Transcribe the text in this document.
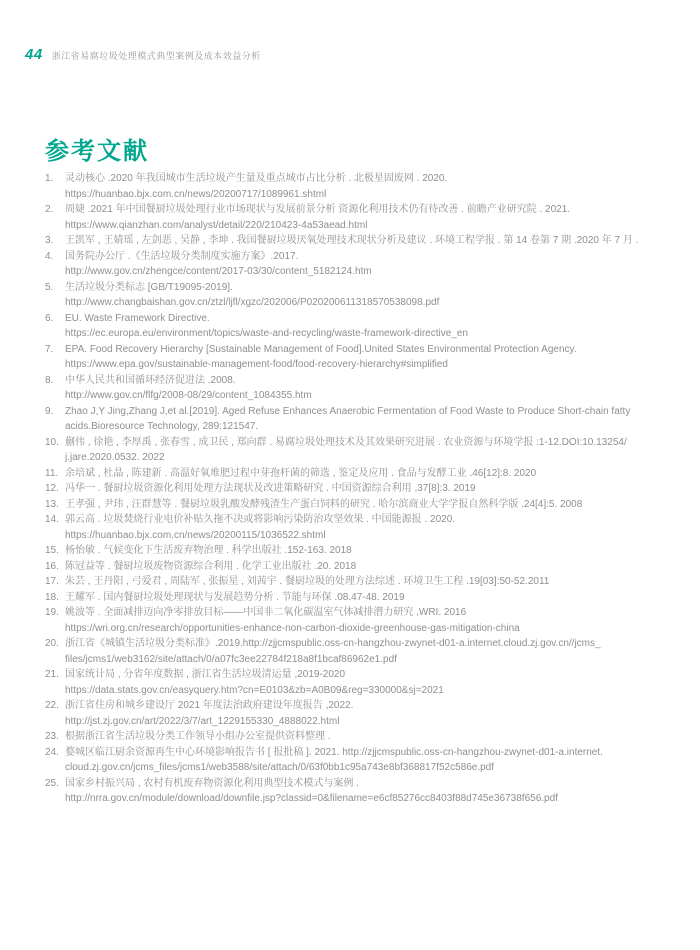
44 浙江省易腐垃圾处理模式典型案例及成本效益分析
参考文献
1.	灵动核心 .2020 年我国城市生活垃圾产生量及重点城市占比分析 . 北极星固废网 . 2020.
https://huanbao.bjx.com.cn/news/20200717/1089961.shtml
2.	周婕 .2021 年中国餐厨垃圾处理行业市场现状与发展前景分析 资源化利用技术仍有待改善 . 前瞻产业研究院 . 2021.
https://www.qianzhan.com/analyst/detail/220/210423-4a53aead.html
3.	王凯军 , 王婧瑶 , 左剑恶 , 吴静 , 李坤 . 我国餐厨垃圾厌氧处理技术现状分析及建议 . 环境工程学报 . 第 14 卷第 7 期 .2020 年 7 月 .
4.	国务院办公厅 .《生活垃圾分类制度实施方案》.2017.
http://www.gov.cn/zhengce/content/2017-03/30/content_5182124.htm
5.	生活垃圾分类标志 [GB/T19095-2019].
http://www.changbaishan.gov.cn/ztzl/ljfl/xgzc/202006/P020200611318570538098.pdf
6.	EU. Waste Framework Directive.
https://ec.europa.eu/environment/topics/waste-and-recycling/waste-framework-directive_en
7.	EPA. Food Recovery Hierarchy [Sustainable Management of Food].United States Environmental Protection Agency.
https://www.epa.gov/sustainable-management-food/food-recovery-hierarchy#simplified
8.	中华人民共和国循环经济促进法 .2008.
http://www.gov.cn/flfg/2008-08/29/content_1084355.htm
9.	Zhao J,Y Jing,Zhang J,et al.[2019]. Aged Refuse Enhances Anaerobic Fermentation of Food Waste to Produce Short-chain fatty
acids.Bioresource Technology, 289:121547.
10. 蒯伟 , 徐艳 , 李厚禹 , 张春雪 , 成卫民 , 郑向群 . 易腐垃圾处理技术及其效果研究进展 . 农业资源与环境学报 :1-12.DOI:10.13254/
j.jare.2020.0532. 2022
11. 余培斌 , 杜晶 , 陈建新 . 高温好氧堆肥过程中芽孢杆菌的筛选 , 鉴定及应用 . 食品与发酵工业 .46[12]:8. 2020
12. 冯华一 . 餐厨垃圾资源化利用处理方法现状及改进策略研究 . 中国资源综合利用 ,37[8]:3. 2019
13. 王孝强 , 尹玮 , 汪群慧等 . 餐厨垃圾乳酸发酵残渣生产蛋白饲料的研究 . 哈尔滨商业大学学报自然科学版 .24[4]:5. 2008
14. 郭云高 . 垃圾焚烧行业电价补贴久拖不决或将影响污染防治攻坚效果 . 中国能源报 . 2020.
https://huanbao.bjx.com.cn/news/20200115/1036522.shtml
15. 杨怡敏 . 气候变化下生活废弃物治理 . 科学出版社 .152-163. 2018
16. 陈冠益等 . 餐厨垃圾废物资源综合利用 . 化学工业出版社 .20. 2018
17. 朱芸 , 王丹阳 , 弓爱君 , 周陆军 , 张振星 , 刘茜宇 . 餐厨垃圾的处理方法综述 . 环境卫生工程 .19[03]:50-52.2011
18. 王耀军 . 国内餐厨垃圾处理现状与发展趋势分析 . 节能与环保 .08.47-48. 2019
19. 姚波等 . 全面减排迈向净零排放目标——中国非二氧化碳温室气体减排潜力研究 ,WRI. 2016
https://wri.org.cn/research/opportunities-enhance-non-carbon-dioxide-greenhouse-gas-mitigation-china
20. 浙江省《城镇生活垃圾分类标准》.2019.http://zjjcmspublic.oss-cn-hangzhou-zwynet-d01-a.internet.cloud.zj.gov.cn//jcms_
files/jcms1/web3162/site/attach/0/a07fc3ee22784f218a8f1bcaf86962e1.pdf
21. 国家统计局 , 分省年度数据 , 浙江省生活垃圾清运量 ,2019-2020
https://data.stats.gov.cn/easyquery.htm?cn=E0103&zb=A0B09&reg=330000&sj=2021
22. 浙江省住房和城乡建设厅 2021 年度法治政府建设年度报告 ,2022.
http://jst.zj.gov.cn/art/2022/3/7/art_1229155330_4888022.html
23. 根据浙江省生活垃圾分类工作领导小组办公室提供资料整理 .
24. 婺城区临江厨余资源再生中心环境影响报告书 [ 报批稿 ]. 2021. http://zjjcmspublic.oss-cn-hangzhou-zwynet-d01-a.internet.
cloud.zj.gov.cn/jcms_files/jcms1/web3588/site/attach/0/63f0bb1c95a743e8bf368817f52c586e.pdf
25. 国家乡村振兴局 , 农村有机废弃物资源化利用典型技术模式与案例 .
http://nrra.gov.cn/module/download/downfile.jsp?classid=0&filename=e6cf85276cc8403f88d745e36738f656.pdf
